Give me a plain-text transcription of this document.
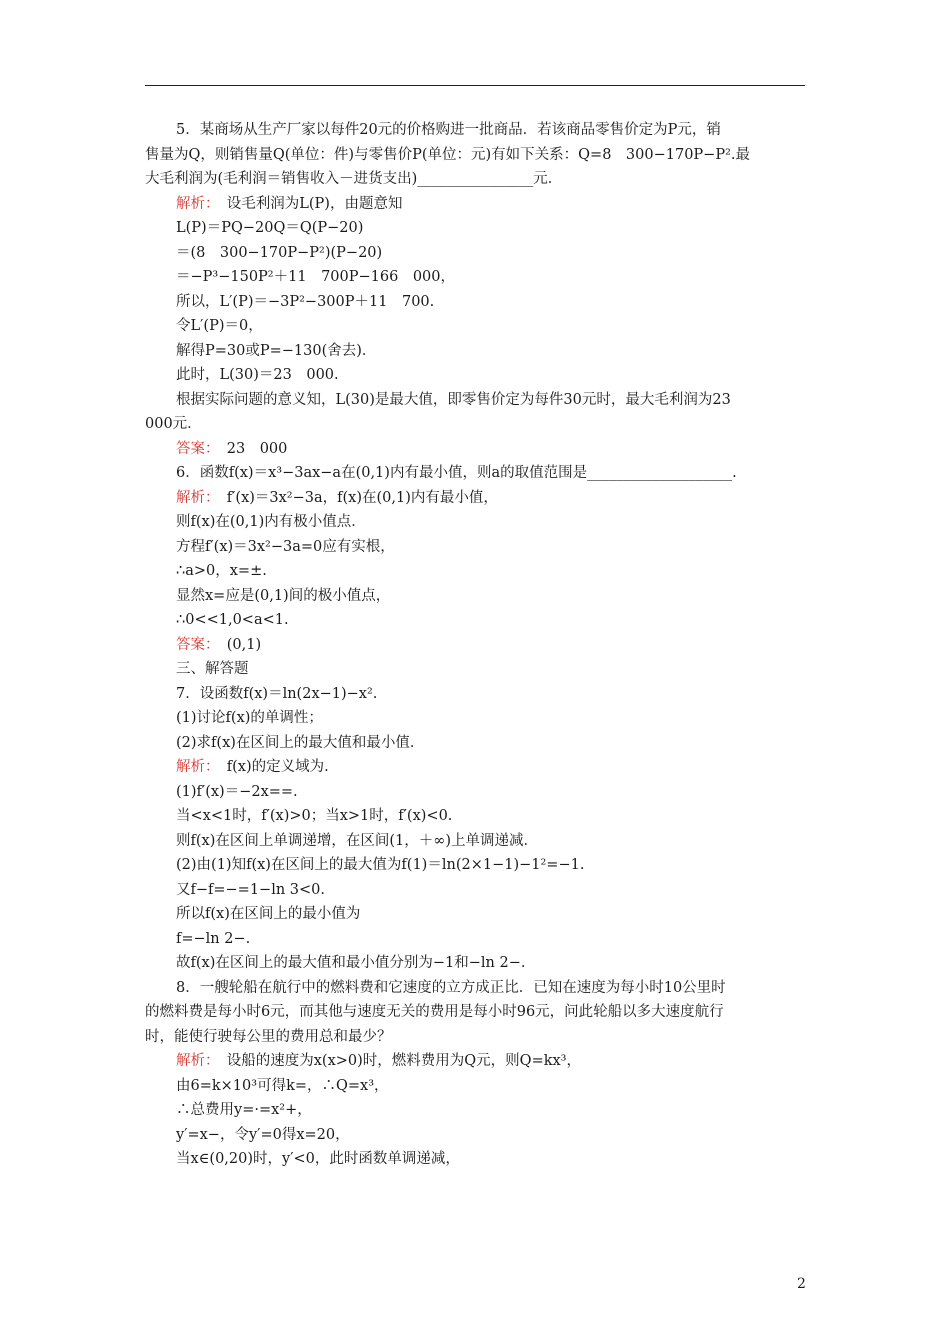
5．某商场从生产厂家以每件20元的价格购进一批商品．若该商品零售价定为P元，销
售量为Q，则销售量Q(单位：件)与零售价P(单位：元)有如下关系：Q=8　300−170P−P².最
大毛利润为(毛利润＝销售收入－进货支出)________________元．
解析：　设毛利润为L(P)，由题意知
L(P)＝PQ−20Q＝Q(P−20)
＝(8　300−170P−P²)(P−20)
＝−P³−150P²＋11　700P−166　000，
所以，L′(P)＝−3P²−300P＋11　700.
令L′(P)＝0，
解得P=30或P=−130(舍去)．
此时，L(30)＝23　000.
根据实际问题的意义知，L(30)是最大值，即零售价定为每件30元时，最大毛利润为23
000元．
答案：　23　000
6．函数f(x)＝x³−3ax−a在(0,1)内有最小值，则a的取值范围是____________________.
解析：　f′(x)＝3x²−3a，f(x)在(0,1)内有最小值，
则f(x)在(0,1)内有极小值点．
方程f′(x)＝3x²−3a=0应有实根，
∴a>0，x=±.
显然x=应是(0,1)间的极小值点，
∴0<<1,0<a<1.
答案：　(0,1)
三、解答题
7．设函数f(x)＝ln(2x−1)−x².
(1)讨论f(x)的单调性；
(2)求f(x)在区间上的最大值和最小值．
解析：　f(x)的定义域为.
(1)f′(x)＝−2x==.
当<x<1时，f′(x)>0；当x>1时，f′(x)<0.
则f(x)在区间上单调递增，在区间(1，＋∞)上单调递减．
(2)由(1)知f(x)在区间上的最大值为f(1)＝ln(2×1−1)−1²=−1.
又f−f=−=1−ln 3<0.
所以f(x)在区间上的最小值为
f=−ln 2−.
故f(x)在区间上的最大值和最小值分别为−1和−ln 2−.
8．一艘轮船在航行中的燃料费和它速度的立方成正比．已知在速度为每小时10公里时
的燃料费是每小时6元，而其他与速度无关的费用是每小时96元，问此轮船以多大速度航行
时，能使行驶每公里的费用总和最少？
解析：　设船的速度为x(x>0)时，燃料费用为Q元，则Q=kx³，
由6=k×10³可得k=，∴Q=x³，
∴总费用y=·=x²+，
y′=x−，令y′=0得x=20，
当x∈(0,20)时，y′<0，此时函数单调递减，
2
